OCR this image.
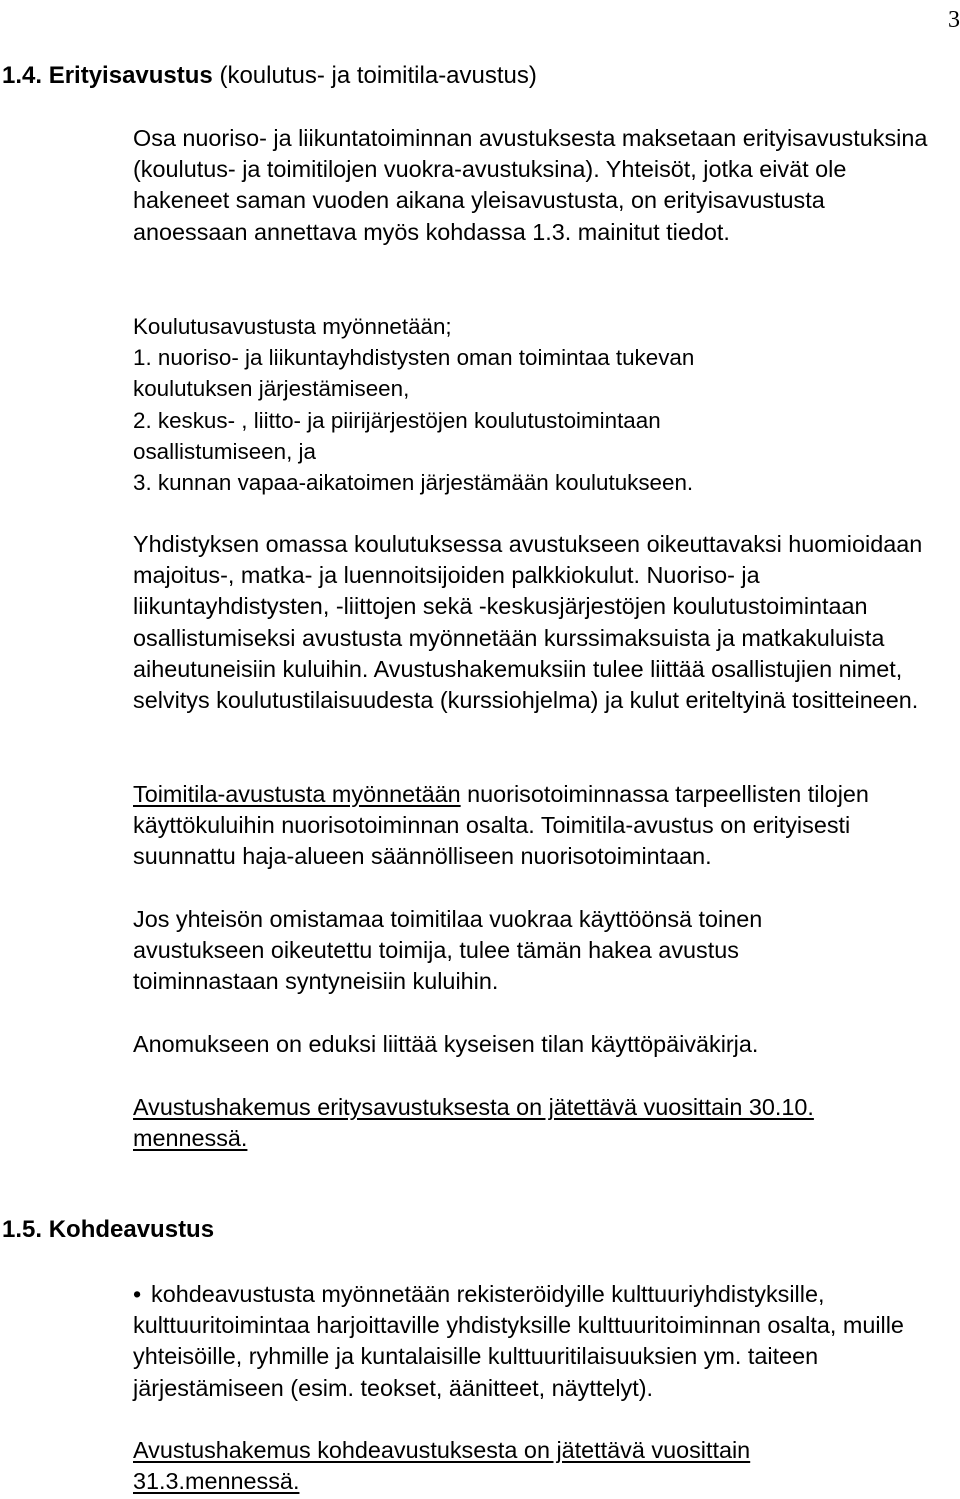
3
1.4. Erityisavustus (koulutus- ja toimitila-avustus)

Osa nuoriso- ja liikuntatoiminnan avustuksesta maksetaan erityisavustuksina (koulutus- ja toimitilojen vuokra-avustuksina). Yhteisöt, jotka eivät ole hakeneet saman vuoden aikana yleisavustusta, on erityisavustusta anoessaan annettava myös kohdassa 1.3. mainitut tiedot.

Koulutusavustusta myönnetään;

1. nuoriso- ja liikuntayhdistysten oman toimintaa tukevan koulutuksen järjestämiseen,

2. keskus- , liitto- ja piirijärjestöjen koulutustoimintaan osallistumiseen, ja

3. kunnan vapaa-aikatoimen järjestämään koulutukseen.

Yhdistyksen omassa koulutuksessa avustukseen oikeuttavaksi huomioidaan majoitus-, matka- ja luennoitsijoiden palkkiokulut. Nuoriso- ja liikuntayhdistysten, -liittojen sekä -keskusjärjestöjen koulutustoimintaan osallistumiseksi avustusta myönnetään kurssimaksuista ja matkakuluista aiheutuneisiin kuluihin. Avustushakemuksiin tulee liittää osallistujien nimet, selvitys koulutustilaisuudesta (kurssiohjelma) ja kulut eriteltyinä tositteineen.

Toimitila-avustusta myönnetään nuorisotoiminnassa tarpeellisten tilojen käyttökuluihin nuorisotoiminnan osalta. Toimitila-avustus on erityisesti suunnattu haja-alueen säännölliseen nuorisotoimintaan.

Jos yhteisön omistamaa toimitilaa vuokraa käyttöönsä toinen avustukseen oikeutettu toimija, tulee tämän hakea avustus toiminnastaan syntyneisiin kuluihin.

Anomukseen on eduksi liittää kyseisen tilan käyttöpäiväkirja.

Avustushakemus eritysavustuksesta on jätettävä vuosittain 30.10. mennessä.

1.5. Kohdeavustus

• kohdeavustusta myönnetään rekisteröidyille kulttuuriyhdistyksille, kulttuuritoimintaa harjoittaville yhdistyksille kulttuuritoiminnan osalta, muille yhteisöille, ryhmille ja kuntalaisille kulttuuritilaisuuksien ym. taiteen järjestämiseen (esim. teokset, äänitteet, näyttelyt).

Avustushakemus kohdeavustuksesta on jätettävä vuosittain 31.3.mennessä.
